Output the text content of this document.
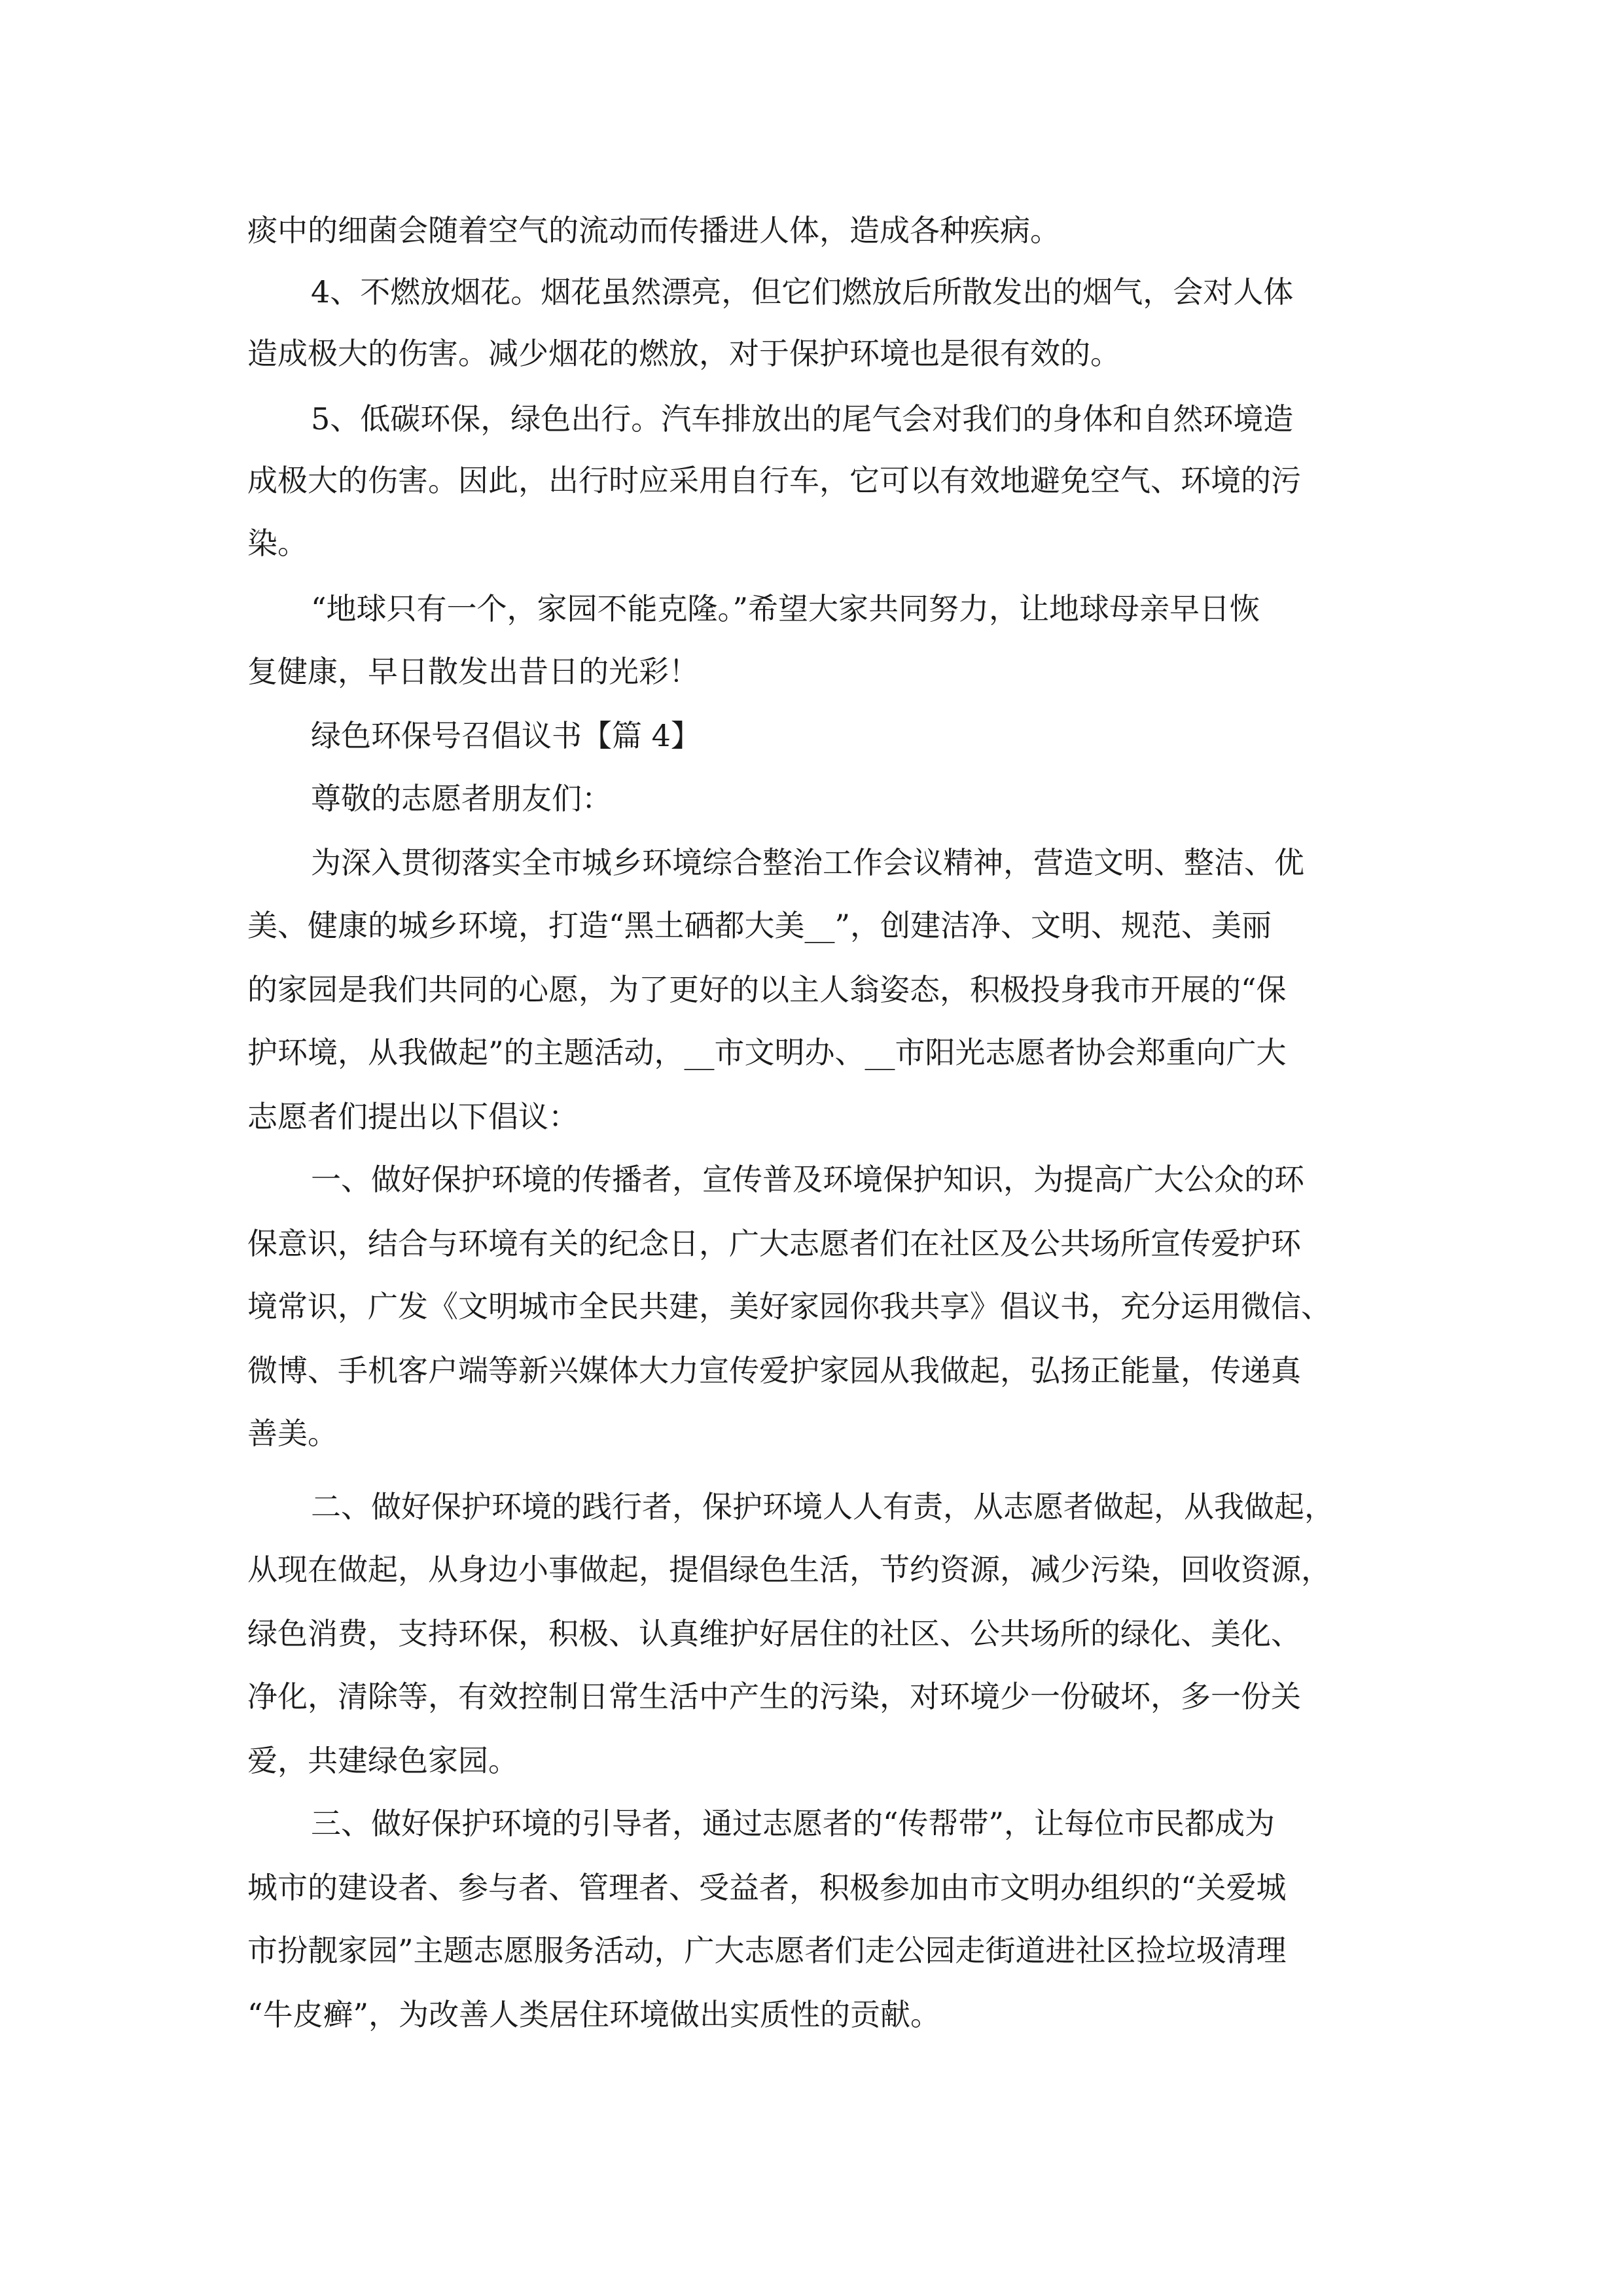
痰中的细菌会随着空气的流动而传播进人体，造成各种疾病。

4、不燃放烟花。烟花虽然漂亮，但它们燃放后所散发出的烟气，会对人体

造成极大的伤害。减少烟花的燃放，对于保护环境也是很有效的。

5、低碳环保，绿色出行。汽车排放出的尾气会对我们的身体和自然环境造

成极大的伤害。因此，出行时应采用自行车，它可以有效地避免空气、环境的污

染。

“地球只有一个，家园不能克隆。”希望大家共同努力，让地球母亲早日恢

复健康，早日散发出昔日的光彩！

绿色环保号召倡议书【篇 4】

尊敬的志愿者朋友们：

为深入贯彻落实全市城乡环境综合整治工作会议精神，营造文明、整洁、优

美、健康的城乡环境，打造“黑土硒都大美__”，创建洁净、文明、规范、美丽

的家园是我们共同的心愿，为了更好的以主人翁姿态，积极投身我市开展的“保

护环境，从我做起”的主题活动，__市文明办、__市阳光志愿者协会郑重向广大

志愿者们提出以下倡议：

一、做好保护环境的传播者，宣传普及环境保护知识，为提高广大公众的环

保意识，结合与环境有关的纪念日，广大志愿者们在社区及公共场所宣传爱护环

境常识，广发《文明城市全民共建，美好家园你我共享》倡议书，充分运用微信、

微博、手机客户端等新兴媒体大力宣传爱护家园从我做起，弘扬正能量，传递真

善美。

二、做好保护环境的践行者，保护环境人人有责，从志愿者做起，从我做起，

从现在做起，从身边小事做起，提倡绿色生活，节约资源，减少污染，回收资源，

绿色消费，支持环保，积极、认真维护好居住的社区、公共场所的绿化、美化、

净化，清除等，有效控制日常生活中产生的污染，对环境少一份破坏，多一份关

爱，共建绿色家园。

三、做好保护环境的引导者，通过志愿者的“传帮带”，让每位市民都成为

城市的建设者、参与者、管理者、受益者，积极参加由市文明办组织的“关爱城

市扮靓家园”主题志愿服务活动，广大志愿者们走公园走街道进社区捡垃圾清理

“牛皮癣”，为改善人类居住环境做出实质性的贡献。
